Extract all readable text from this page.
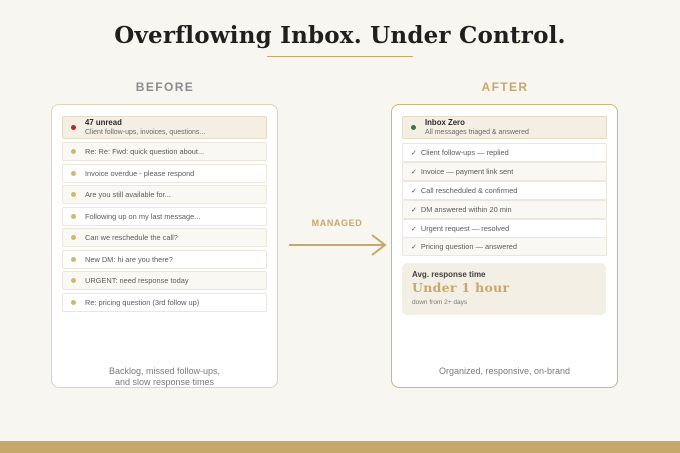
Overflowing Inbox. Under Control.
BEFORE	AFTER
47 unread
Client follow-ups, invoices, questions...
Re: Re: Fwd: quick question about...
Invoice overdue - please respond
Are you still available for...
Following up on my last message...
Can we reschedule the call?
New DM: hi are you there?
URGENT: need response today
Re: pricing question (3rd follow up)
Backlog, missed follow-ups,
and slow response times
MANAGED
Inbox Zero
All messages triaged & answered
✓ Client follow-ups — replied
✓ Invoice — payment link sent
✓ Call rescheduled & confirmed
✓ DM answered within 20 min
✓ Urgent request — resolved
✓ Pricing question — answered
Avg. response time
Under 1 hour
down from 2+ days
Organized, responsive, on-brand
